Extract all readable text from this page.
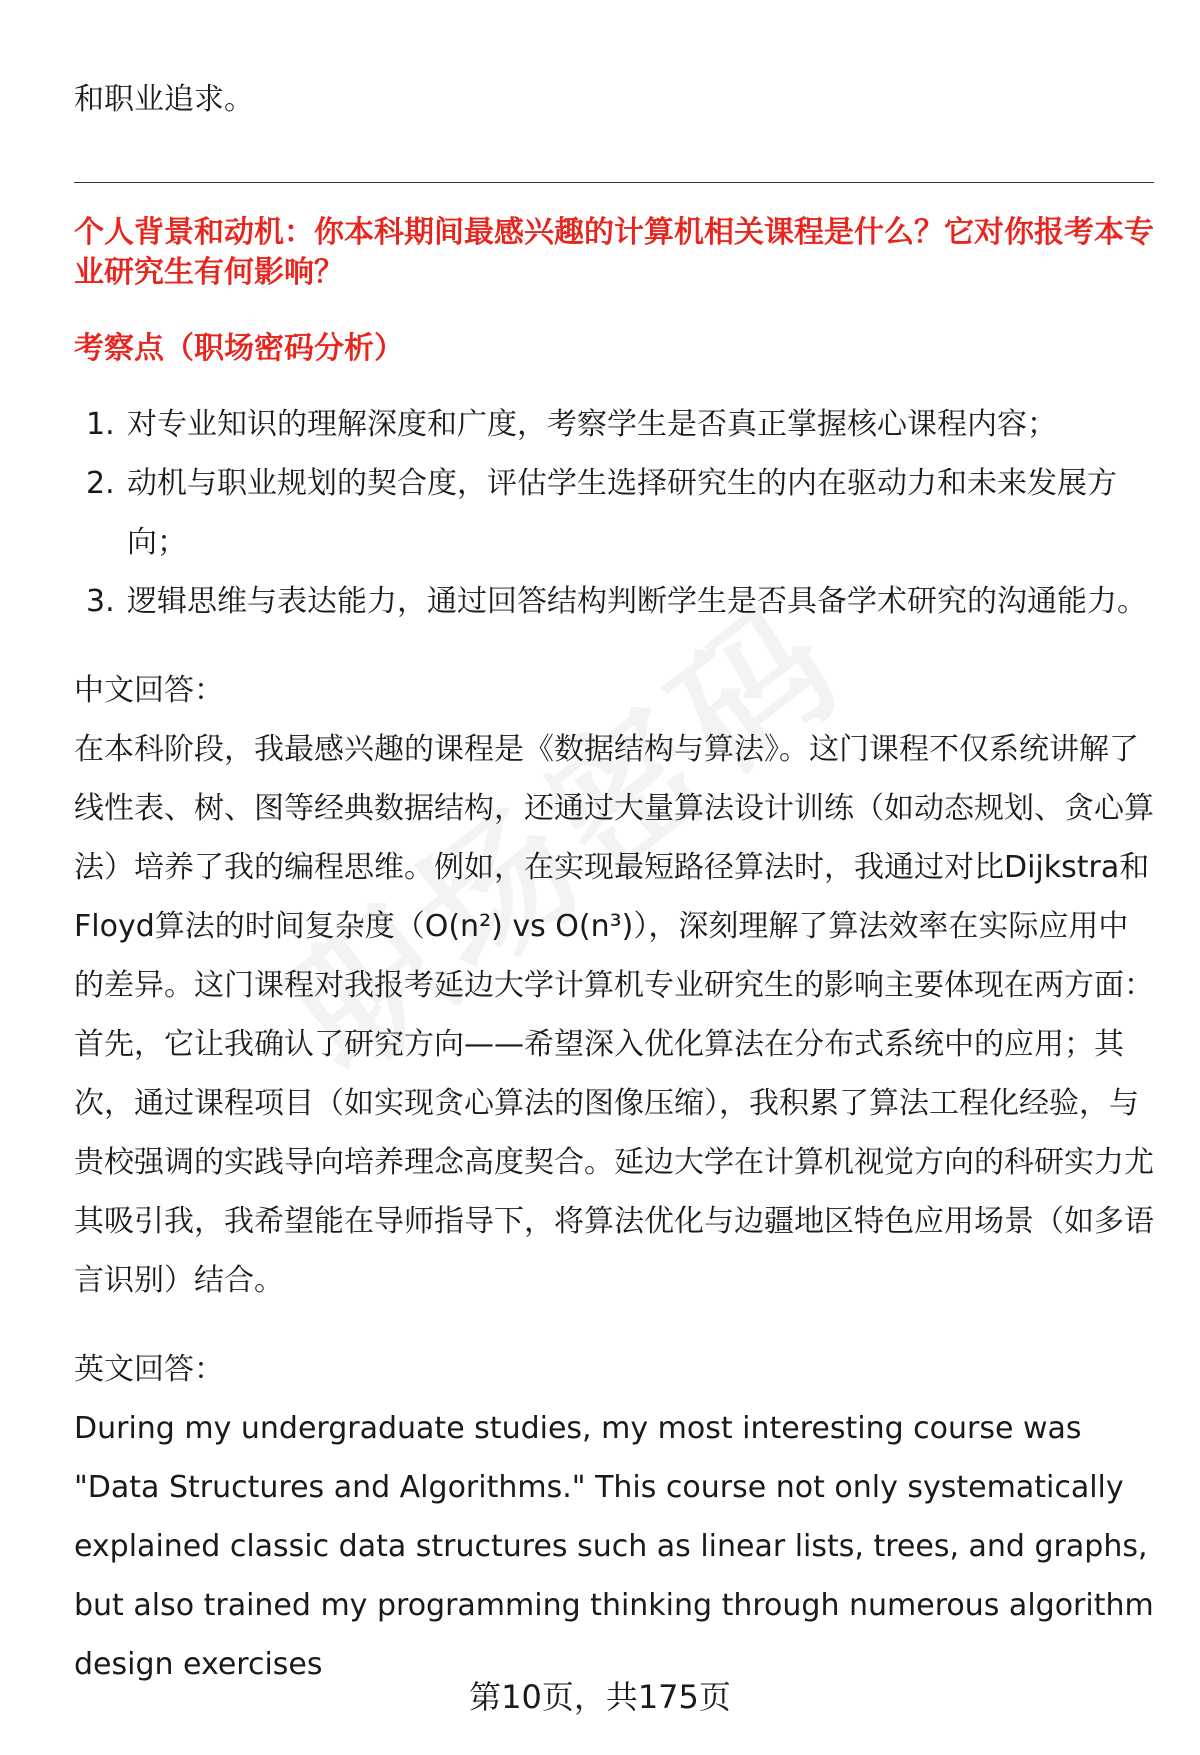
和职业追求。

个人背景和动机：你本科期间最感兴趣的计算机相关课程是什么？它对你报考本专业研究生有何影响？

考察点（职场密码分析）

1. 对专业知识的理解深度和广度，考察学生是否真正掌握核心课程内容；
2. 动机与职业规划的契合度，评估学生选择研究生的内在驱动力和未来发展方向；
3. 逻辑思维与表达能力，通过回答结构判断学生是否具备学术研究的沟通能力。

中文回答：

在本科阶段，我最感兴趣的课程是《数据结构与算法》。这门课程不仅系统讲解了线性表、树、图等经典数据结构，还通过大量算法设计训练（如动态规划、贪心算法）培养了我的编程思维。例如，在实现最短路径算法时，我通过对比Dijkstra和Floyd算法的时间复杂度（O(n²) vs O(n³)），深刻理解了算法效率在实际应用中的差异。这门课程对我报考延边大学计算机专业研究生的影响主要体现在两方面：首先，它让我确认了研究方向——希望深入优化算法在分布式系统中的应用；其次，通过课程项目（如实现贪心算法的图像压缩），我积累了算法工程化经验，与贵校强调的实践导向培养理念高度契合。延边大学在计算机视觉方向的科研实力尤其吸引我，我希望能在导师指导下，将算法优化与边疆地区特色应用场景（如多语言识别）结合。

英文回答：

During my undergraduate studies, my most interesting course was "Data Structures and Algorithms." This course not only systematically explained classic data structures such as linear lists, trees, and graphs, but also trained my programming thinking through numerous algorithm design exercises

第10页，共175页
